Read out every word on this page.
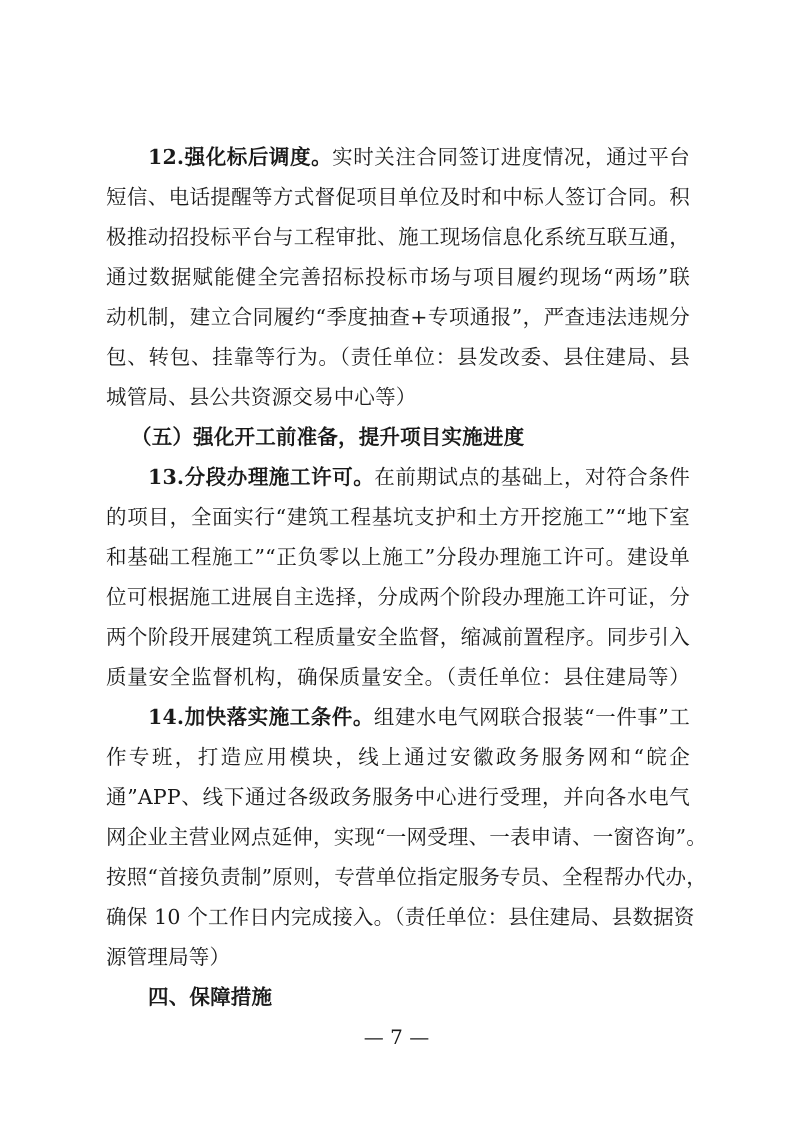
12.强化标后调度。实时关注合同签订进度情况，通过平台
短信、电话提醒等方式督促项目单位及时和中标人签订合同。积
极推动招投标平台与工程审批、施工现场信息化系统互联互通，
通过数据赋能健全完善招标投标市场与项目履约现场“两场”联
动机制，建立合同履约“季度抽查+专项通报”，严查违法违规分
包、转包、挂靠等行为。（责任单位：县发改委、县住建局、县
城管局、县公共资源交易中心等）
（五）强化开工前准备，提升项目实施进度
13.分段办理施工许可。在前期试点的基础上，对符合条件
的项目，全面实行“建筑工程基坑支护和土方开挖施工”“地下室
和基础工程施工”“正负零以上施工”分段办理施工许可。建设单
位可根据施工进展自主选择，分成两个阶段办理施工许可证，分
两个阶段开展建筑工程质量安全监督，缩减前置程序。同步引入
质量安全监督机构，确保质量安全。（责任单位：县住建局等）
14.加快落实施工条件。组建水电气网联合报装“一件事”工
作专班，打造应用模块，线上通过安徽政务服务网和“皖企
通”APP、线下通过各级政务服务中心进行受理，并向各水电气
网企业主营业网点延伸，实现“一网受理、一表申请、一窗咨询”。
按照“首接负责制”原则，专营单位指定服务专员、全程帮办代办，
确保 10 个工作日内完成接入。（责任单位：县住建局、县数据资
源管理局等）
四、保障措施
— 7 —
